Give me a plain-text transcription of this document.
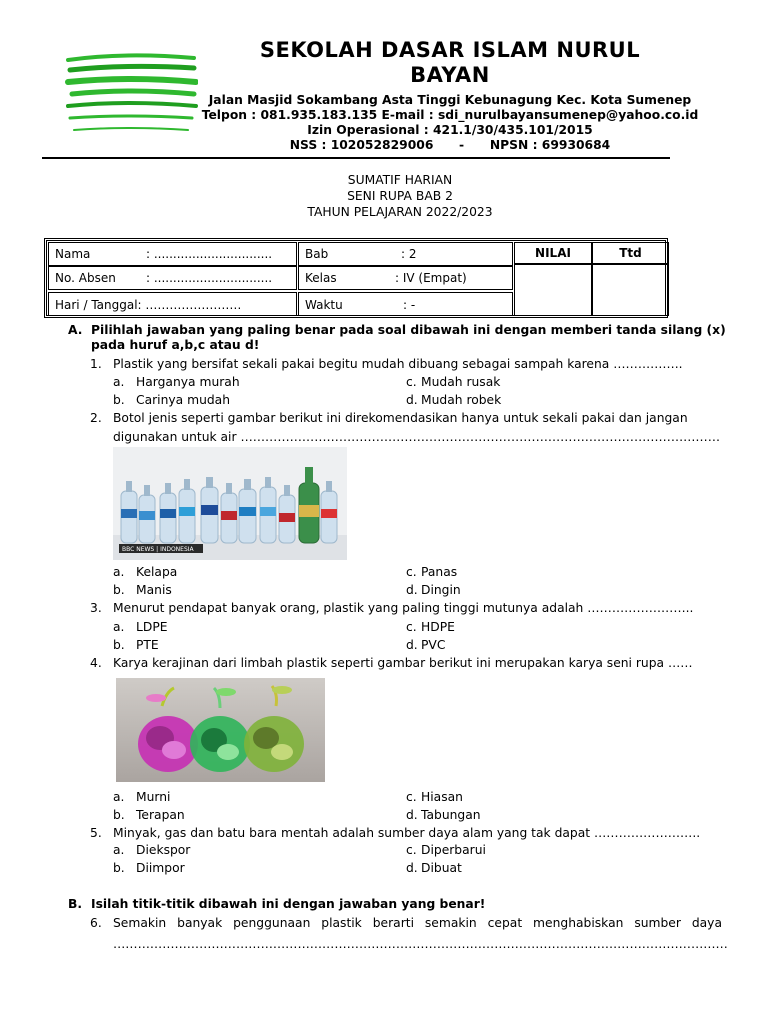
SEKOLAH DASAR ISLAM NURUL BAYAN
Jalan Masjid Sokambang Asta Tinggi Kebunagung Kec. Kota Sumenep
Telpon : 081.935.183.135 E-mail : sdi_nurulbayansumenep@yahoo.co.id
Izin Operasional : 421.1/30/435.101/2015
NSS : 102052829006      -      NPSN : 69930684
SUMATIF HARIAN
SENI RUPA BAB 2
TAHUN PELAJARAN 2022/2023
Nama	: ...............................	Bab	: 2	NILAI	Ttd
No. Absen	: ...............................	Kelas	: IV (Empat)
Hari / Tanggal: ……………………	Waktu	: -
A. Pilihlah jawaban yang paling benar pada soal dibawah ini dengan memberi tanda silang (x)
pada huruf a,b,c atau d!
1. Plastik yang bersifat sekali pakai begitu mudah dibuang sebagai sampah karena ……………..
a. Harganya murah
b. Carinya mudah
c. Mudah rusak
d. Mudah robek
2. Botol jenis seperti gambar berikut ini direkomendasikan hanya untuk sekali pakai dan jangan
digunakan untuk air ………………………………………………………………………………………………………
BBC NEWS | INDONESIA
a. Kelapa
b. Manis
c. Panas
d. Dingin
3. Menurut pendapat banyak orang, plastik yang paling tinggi mutunya adalah ……………………..
a. LDPE
b. PTE
c. HDPE
d. PVC
4. Karya kerajinan dari limbah plastik seperti gambar berikut ini merupakan karya seni rupa ……
a. Murni
b. Terapan
c. Hiasan
d. Tabungan
5. Minyak, gas dan batu bara mentah adalah sumber daya alam yang tak dapat ……………………..
a. Diekspor
b. Diimpor
c. Diperbarui
d. Dibuat
B. Isilah titik-titik dibawah ini dengan jawaban yang benar!
6. Semakin banyak penggunaan plastik berarti semakin cepat menghabiskan sumber daya
……………………………………………………………………………………………………………………………………
